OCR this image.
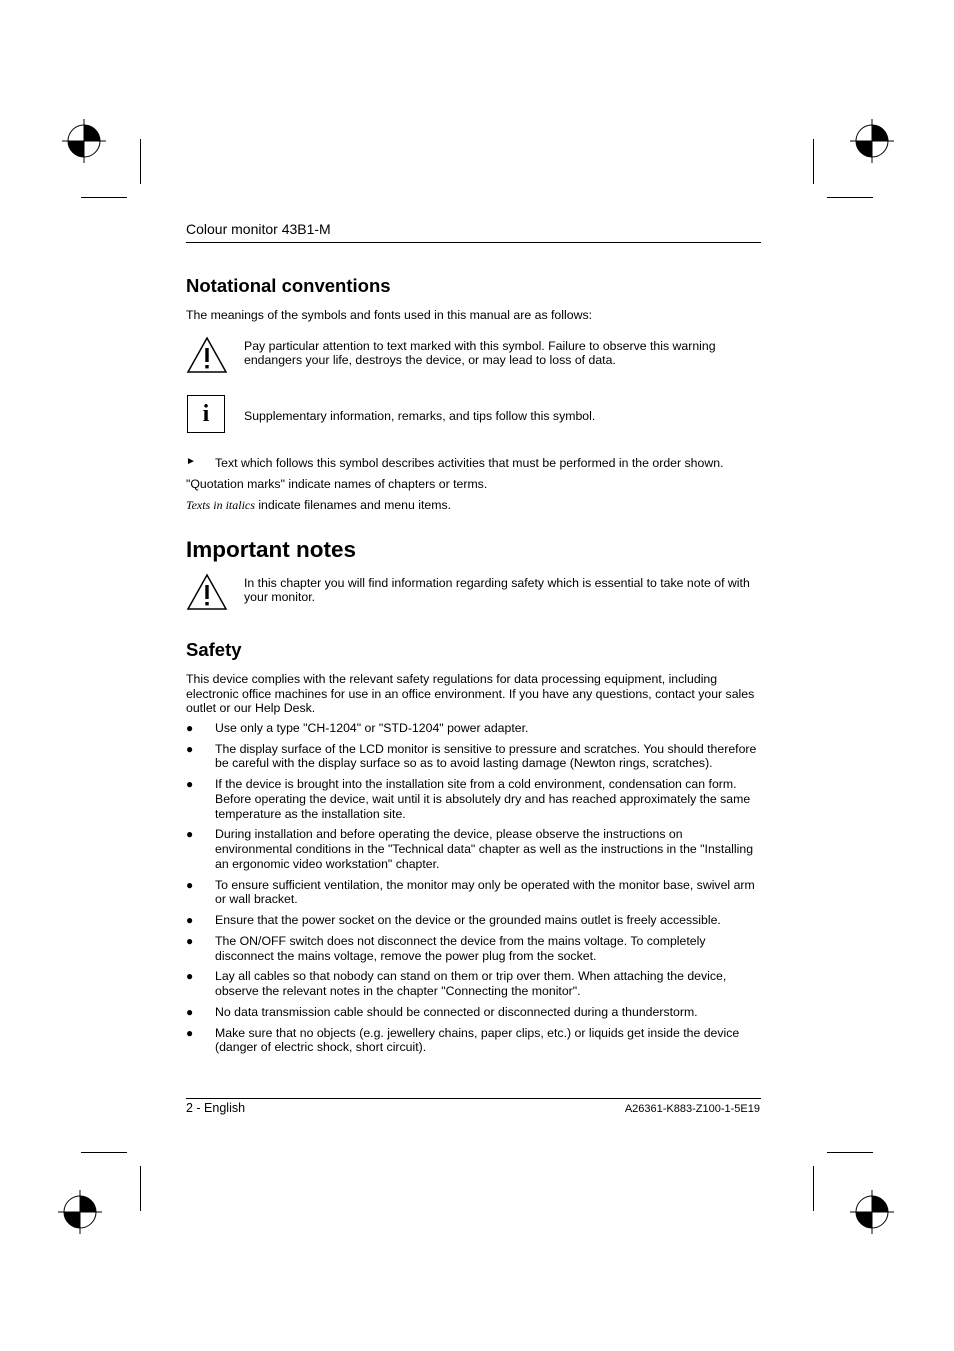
Colour monitor 43B1-M
Notational conventions

The meanings of the symbols and fonts used in this manual are as follows:

Pay particular attention to text marked with this symbol. Failure to observe this warning endangers your life, destroys the device, or may lead to loss of data.

i	Supplementary information, remarks, and tips follow this symbol.

► Text which follows this symbol describes activities that must be performed in the order shown.

"Quotation marks" indicate names of chapters or terms.

Texts in italics indicate filenames and menu items.

Important notes

In this chapter you will find information regarding safety which is essential to take note of with your monitor.

Safety

This device complies with the relevant safety regulations for data processing equipment, including electronic office machines for use in an office environment. If you have any questions, contact your sales outlet or our Help Desk.

● Use only a type "CH-1204" or "STD-1204" power adapter.
● The display surface of the LCD monitor is sensitive to pressure and scratches. You should therefore be careful with the display surface so as to avoid lasting damage (Newton rings, scratches).
● If the device is brought into the installation site from a cold environment, condensation can form. Before operating the device, wait until it is absolutely dry and has reached approximately the same temperature as the installation site.
● During installation and before operating the device, please observe the instructions on environmental conditions in the "Technical data" chapter as well as the instructions in the "Installing an ergonomic video workstation" chapter.
● To ensure sufficient ventilation, the monitor may only be operated with the monitor base, swivel arm or wall bracket.
● Ensure that the power socket on the device or the grounded mains outlet is freely accessible.
● The ON/OFF switch does not disconnect the device from the mains voltage. To completely disconnect the mains voltage, remove the power plug from the socket.
● Lay all cables so that nobody can stand on them or trip over them. When attaching the device, observe the relevant notes in the chapter "Connecting the monitor".
● No data transmission cable should be connected or disconnected during a thunderstorm.
● Make sure that no objects (e.g. jewellery chains, paper clips, etc.) or liquids get inside the device (danger of electric shock, short circuit).
2 - English	A26361-K883-Z100-1-5E19
